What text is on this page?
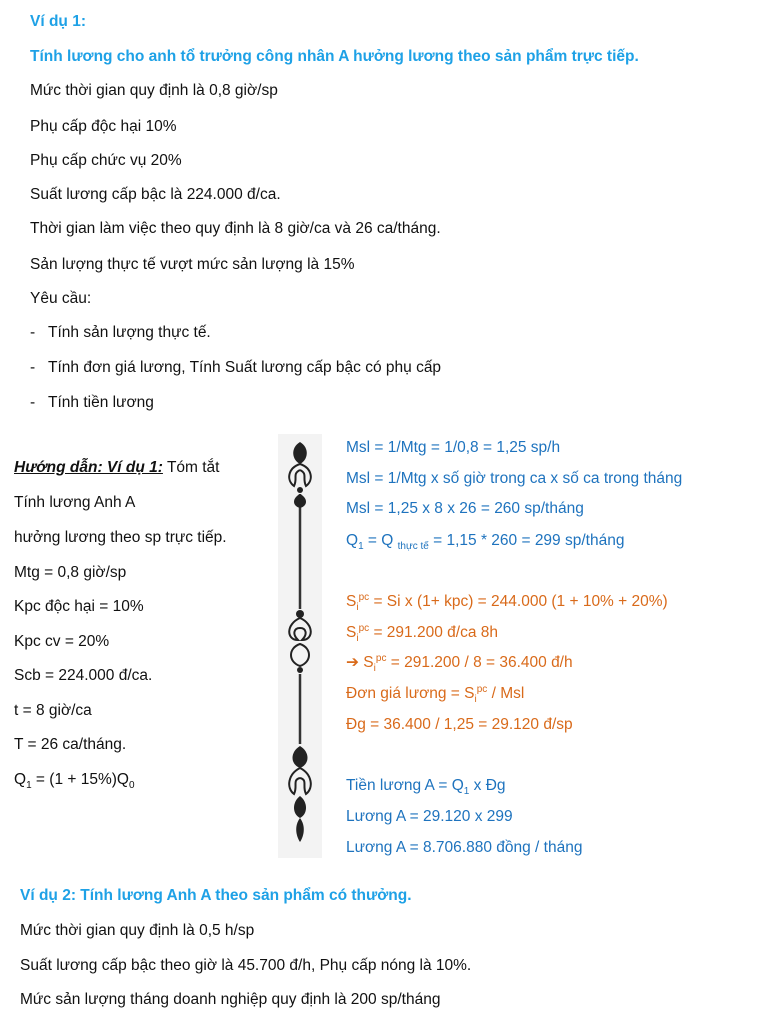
Ví dụ 1:
Tính lương cho anh tổ trưởng công nhân A hưởng lương theo sản phẩm trực tiếp.
Mức thời gian quy định là 0,8 giờ/sp
Phụ cấp độc hại 10%
Phụ cấp chức vụ 20%
Suất lương cấp bậc là 224.000 đ/ca.
Thời gian làm việc theo quy định là 8 giờ/ca và 26 ca/tháng.
Sản lượng thực tế vượt mức sản lượng là 15%
Yêu cầu:
- Tính sản lượng thực tế.
- Tính đơn giá lương, Tính Suất lương cấp bậc có phụ cấp
- Tính tiền lương
Hướng dẫn: Ví dụ 1: Tóm tắt
Tính lương Anh A
hưởng lương theo sp trực tiếp.
Mtg = 0,8 giờ/sp
Kpc độc hại = 10%
Kpc cv = 20%
Scb = 224.000 đ/ca.
t = 8 giờ/ca
T = 26 ca/tháng.
$Q_1 = (1 + 15\%)Q_0$
Msl = 1/Mtg = 1/0,8 = 1,25 sp/h
Msl = 1/Mtg x số giờ trong ca x số ca trong tháng
Msl = 1,25 x 8 x 26 = 260 sp/tháng
$Q_1 = Q$ $_{thực tế}$ = 1,15 * 260 = 299 sp/tháng
$S_i^{pc} = Si$ x (1+ kpc) = 244.000 (1 + 10% + 20%)
$S_i^{pc} = 291.200$ đ/ca 8h
➔ $S_i^{pc} = 291.200 / 8 = 36.400$ đ/h
Đơn giá lương = $S_i^{pc}$ / Msl
Đg = 36.400 / 1,25 = 29.120 đ/sp
Tiền lương $A = Q_1$ x Đg
Lương A = 29.120 x 299
Lương A = 8.706.880 đồng / tháng
Ví dụ 2: Tính lương Anh A theo sản phẩm có thưởng.
Mức thời gian quy định là 0,5 h/sp
Suất lương cấp bậc theo giờ là 45.700 đ/h, Phụ cấp nóng là 10%.
Mức sản lượng tháng doanh nghiệp quy định là 200 sp/tháng
